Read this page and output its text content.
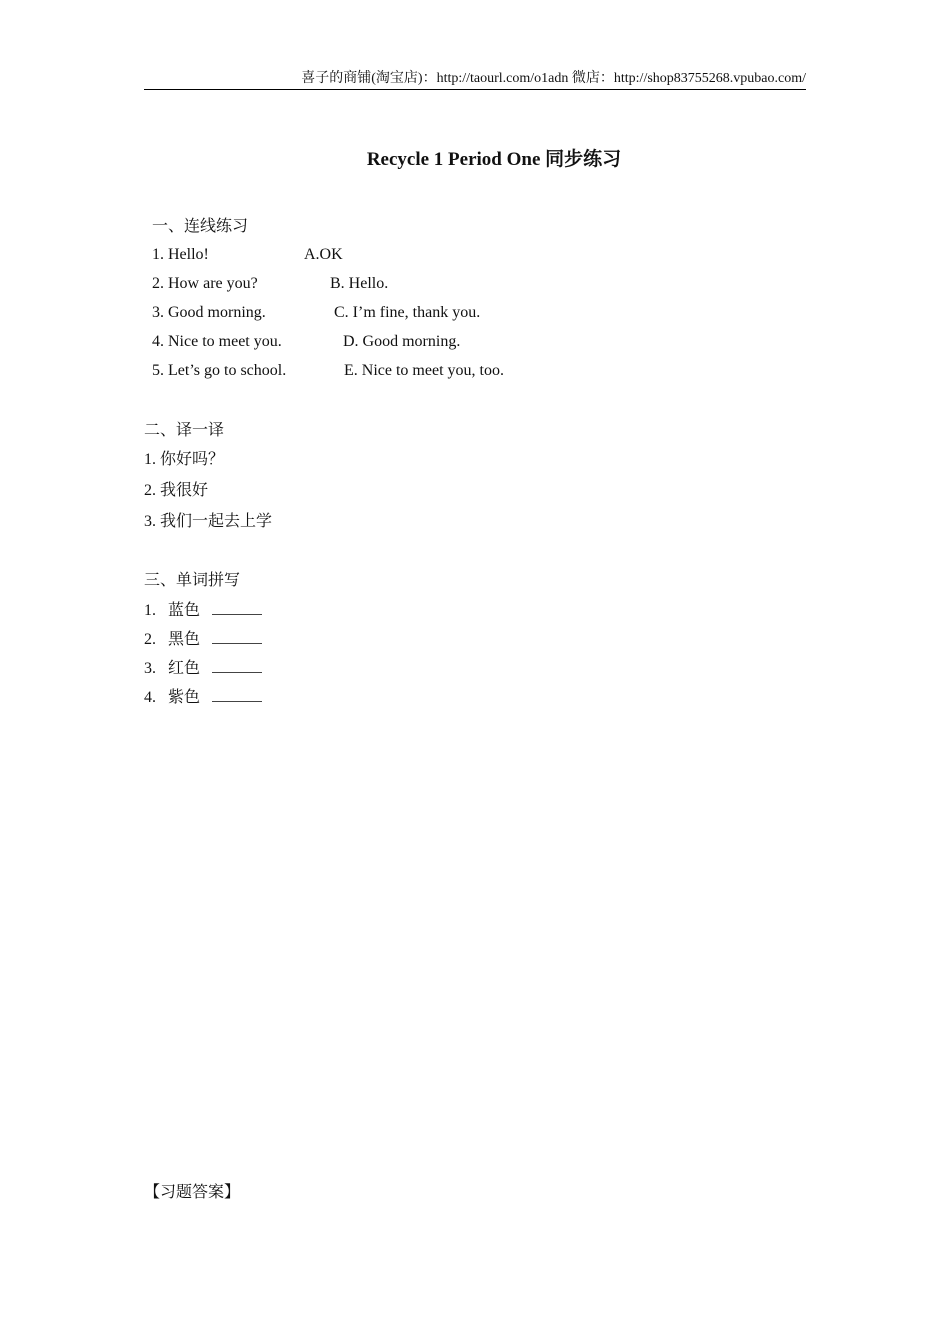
喜子的商铺(淘宝店)：http://taourl.com/o1adn 微店：http://shop83755268.vpubao.com/
Recycle 1 Period One 同步练习
一、连线练习
1. Hello!	A.OK
2. How are you?	B. Hello.
3. Good morning.	C. I’m fine, thank you.
4. Nice to meet you.	D. Good morning.
5. Let’s go to school.	E. Nice to meet you, too.
二、译一译
1. 你好吗？
2. 我很好
3. 我们一起去上学
三、单词拼写
1. 蓝色
2. 黑色
3. 红色
4. 紫色
【习题答案】
